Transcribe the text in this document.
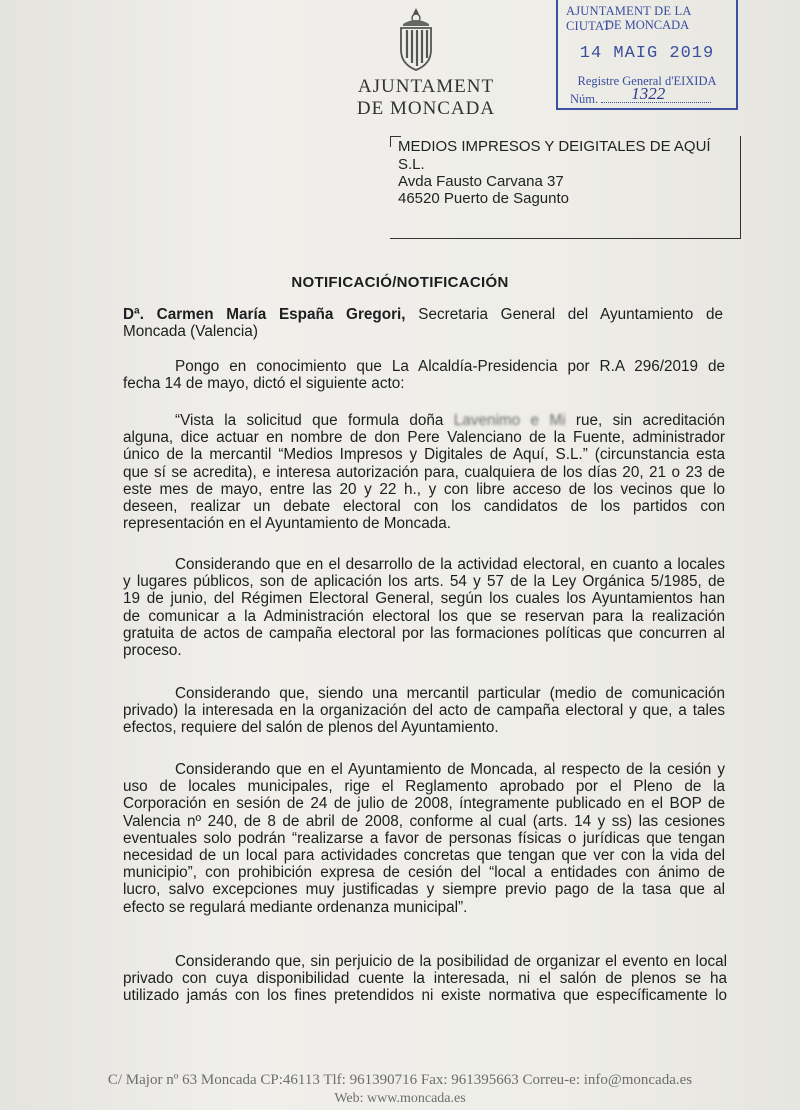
AJUNTAMENT
DE MONCADA
AJUNTAMENT DE LA CIUTAT
DE MONCADA
14 MAIG 2019
Registre General d'EIXIDA
Núm. 1322
MEDIOS IMPRESOS Y DEIGITALES DE AQUÍ
S.L.
Avda Fausto Carvana 37
46520 Puerto de Sagunto
NOTIFICACIÓ/NOTIFICACIÓN
Dª. Carmen María España Gregori, Secretaria General del Ayuntamiento de
Moncada (Valencia)
Pongo en conocimiento que La Alcaldía-Presidencia por R.A 296/2019 de
fecha 14 de mayo, dictó el siguiente acto:
“Vista la solicitud que formula doña Lavenimo e Mi rue, sin acreditación
alguna, dice actuar en nombre de don Pere Valenciano de la Fuente, administrador
único de la mercantil “Medios Impresos y Digitales de Aquí, S.L.” (circunstancia esta
que sí se acredita), e interesa autorización para, cualquiera de los días 20, 21 o 23 de
este mes de mayo, entre las 20 y 22 h., y con libre acceso de los vecinos que lo
deseen, realizar un debate electoral con los candidatos de los partidos con
representación en el Ayuntamiento de Moncada.
Considerando que en el desarrollo de la actividad electoral, en cuanto a locales
y lugares públicos, son de aplicación los arts. 54 y 57 de la Ley Orgánica 5/1985, de
19 de junio, del Régimen Electoral General, según los cuales los Ayuntamientos han
de comunicar a la Administración electoral los que se reservan para la realización
gratuita de actos de campaña electoral por las formaciones políticas que concurren al
proceso.
Considerando que, siendo una mercantil particular (medio de comunicación
privado) la interesada en la organización del acto de campaña electoral y que, a tales
efectos, requiere del salón de plenos del Ayuntamiento.
Considerando que en el Ayuntamiento de Moncada, al respecto de la cesión y
uso de locales municipales, rige el Reglamento aprobado por el Pleno de la
Corporación en sesión de 24 de julio de 2008, íntegramente publicado en el BOP de
Valencia nº 240, de 8 de abril de 2008, conforme al cual (arts. 14 y ss) las cesiones
eventuales solo podrán “realizarse a favor de personas físicas o jurídicas que tengan
necesidad de un local para actividades concretas que tengan que ver con la vida del
municipio”, con prohibición expresa de cesión del “local a entidades con ánimo de
lucro, salvo excepciones muy justificadas y siempre previo pago de la tasa que al
efecto se regulará mediante ordenanza municipal”.
Considerando que, sin perjuicio de la posibilidad de organizar el evento en local
privado con cuya disponibilidad cuente la interesada, ni el salón de plenos se ha
utilizado jamás con los fines pretendidos ni existe normativa que específicamente lo
C/ Major nº 63 Moncada CP:46113 Tlf: 961390716 Fax: 961395663 Correu-e: info@moncada.es
Web: www.moncada.es
